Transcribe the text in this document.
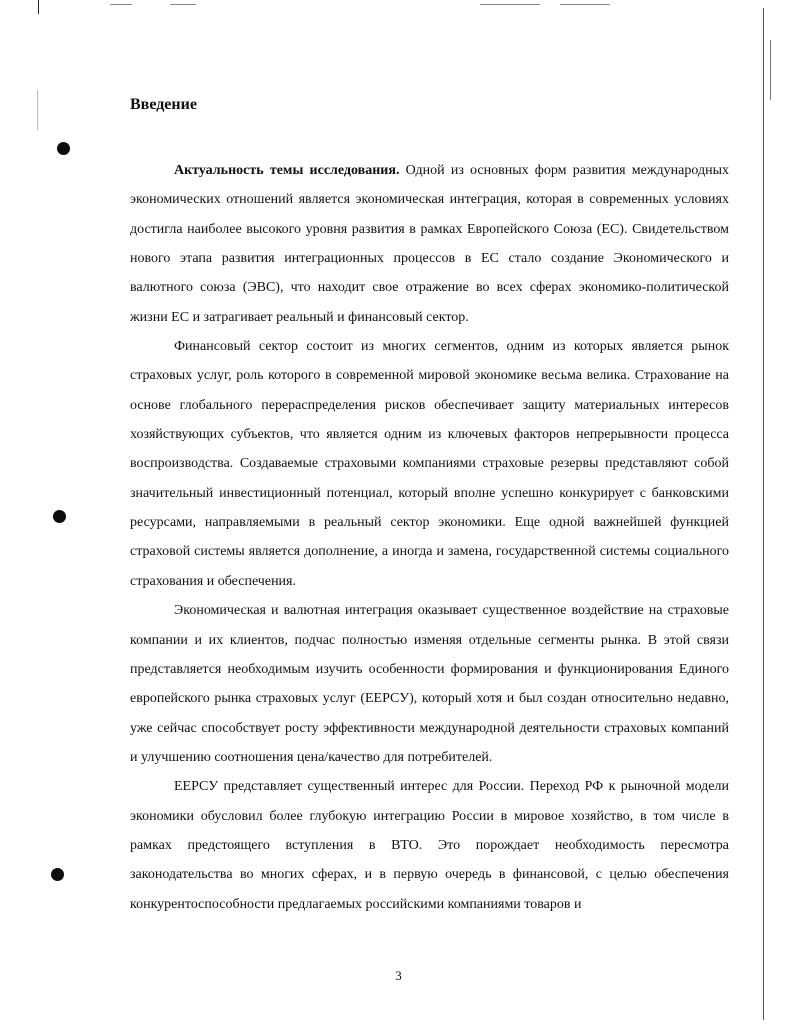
Введение

Актуальность темы исследования. Одной из основных форм развития международных экономических отношений является экономическая интеграция, которая в современных условиях достигла наиболее высокого уровня развития в рамках Европейского Союза (ЕС). Свидетельством нового этапа развития интеграционных процессов в ЕС стало создание Экономического и валютного союза (ЭВС), что находит свое отражение во всех сферах экономико-политической жизни ЕС и затрагивает реальный и финансовый сектор.

Финансовый сектор состоит из многих сегментов, одним из которых является рынок страховых услуг, роль которого в современной мировой экономике весьма велика. Страхование на основе глобального перераспределения рисков обеспечивает защиту материальных интересов хозяйствующих субъектов, что является одним из ключевых факторов непрерывности процесса воспроизводства. Создаваемые страховыми компаниями страховые резервы представляют собой значительный инвестиционный потенциал, который вполне успешно конкурирует с банковскими ресурсами, направляемыми в реальный сектор экономики. Еще одной важнейшей функцией страховой системы является дополнение, а иногда и замена, государственной системы социального страхования и обеспечения.

Экономическая и валютная интеграция оказывает существенное воздействие на страховые компании и их клиентов, подчас полностью изменяя отдельные сегменты рынка. В этой связи представляется необходимым изучить особенности формирования и функционирования Единого европейского рынка страховых услуг (ЕЕРСУ), который хотя и был создан относительно недавно, уже сейчас способствует росту эффективности международной деятельности страховых компаний и улучшению соотношения цена/качество для потребителей.

ЕЕРСУ представляет существенный интерес для России. Переход РФ к рыночной модели экономики обусловил более глубокую интеграцию России в мировое хозяйство, в том числе в рамках предстоящего вступления в ВТО. Это порождает необходимость пересмотра законодательства во многих сферах, и в первую очередь в финансовой, с целью обеспечения конкурентоспособности предлагаемых российскими компаниями товаров и

3
